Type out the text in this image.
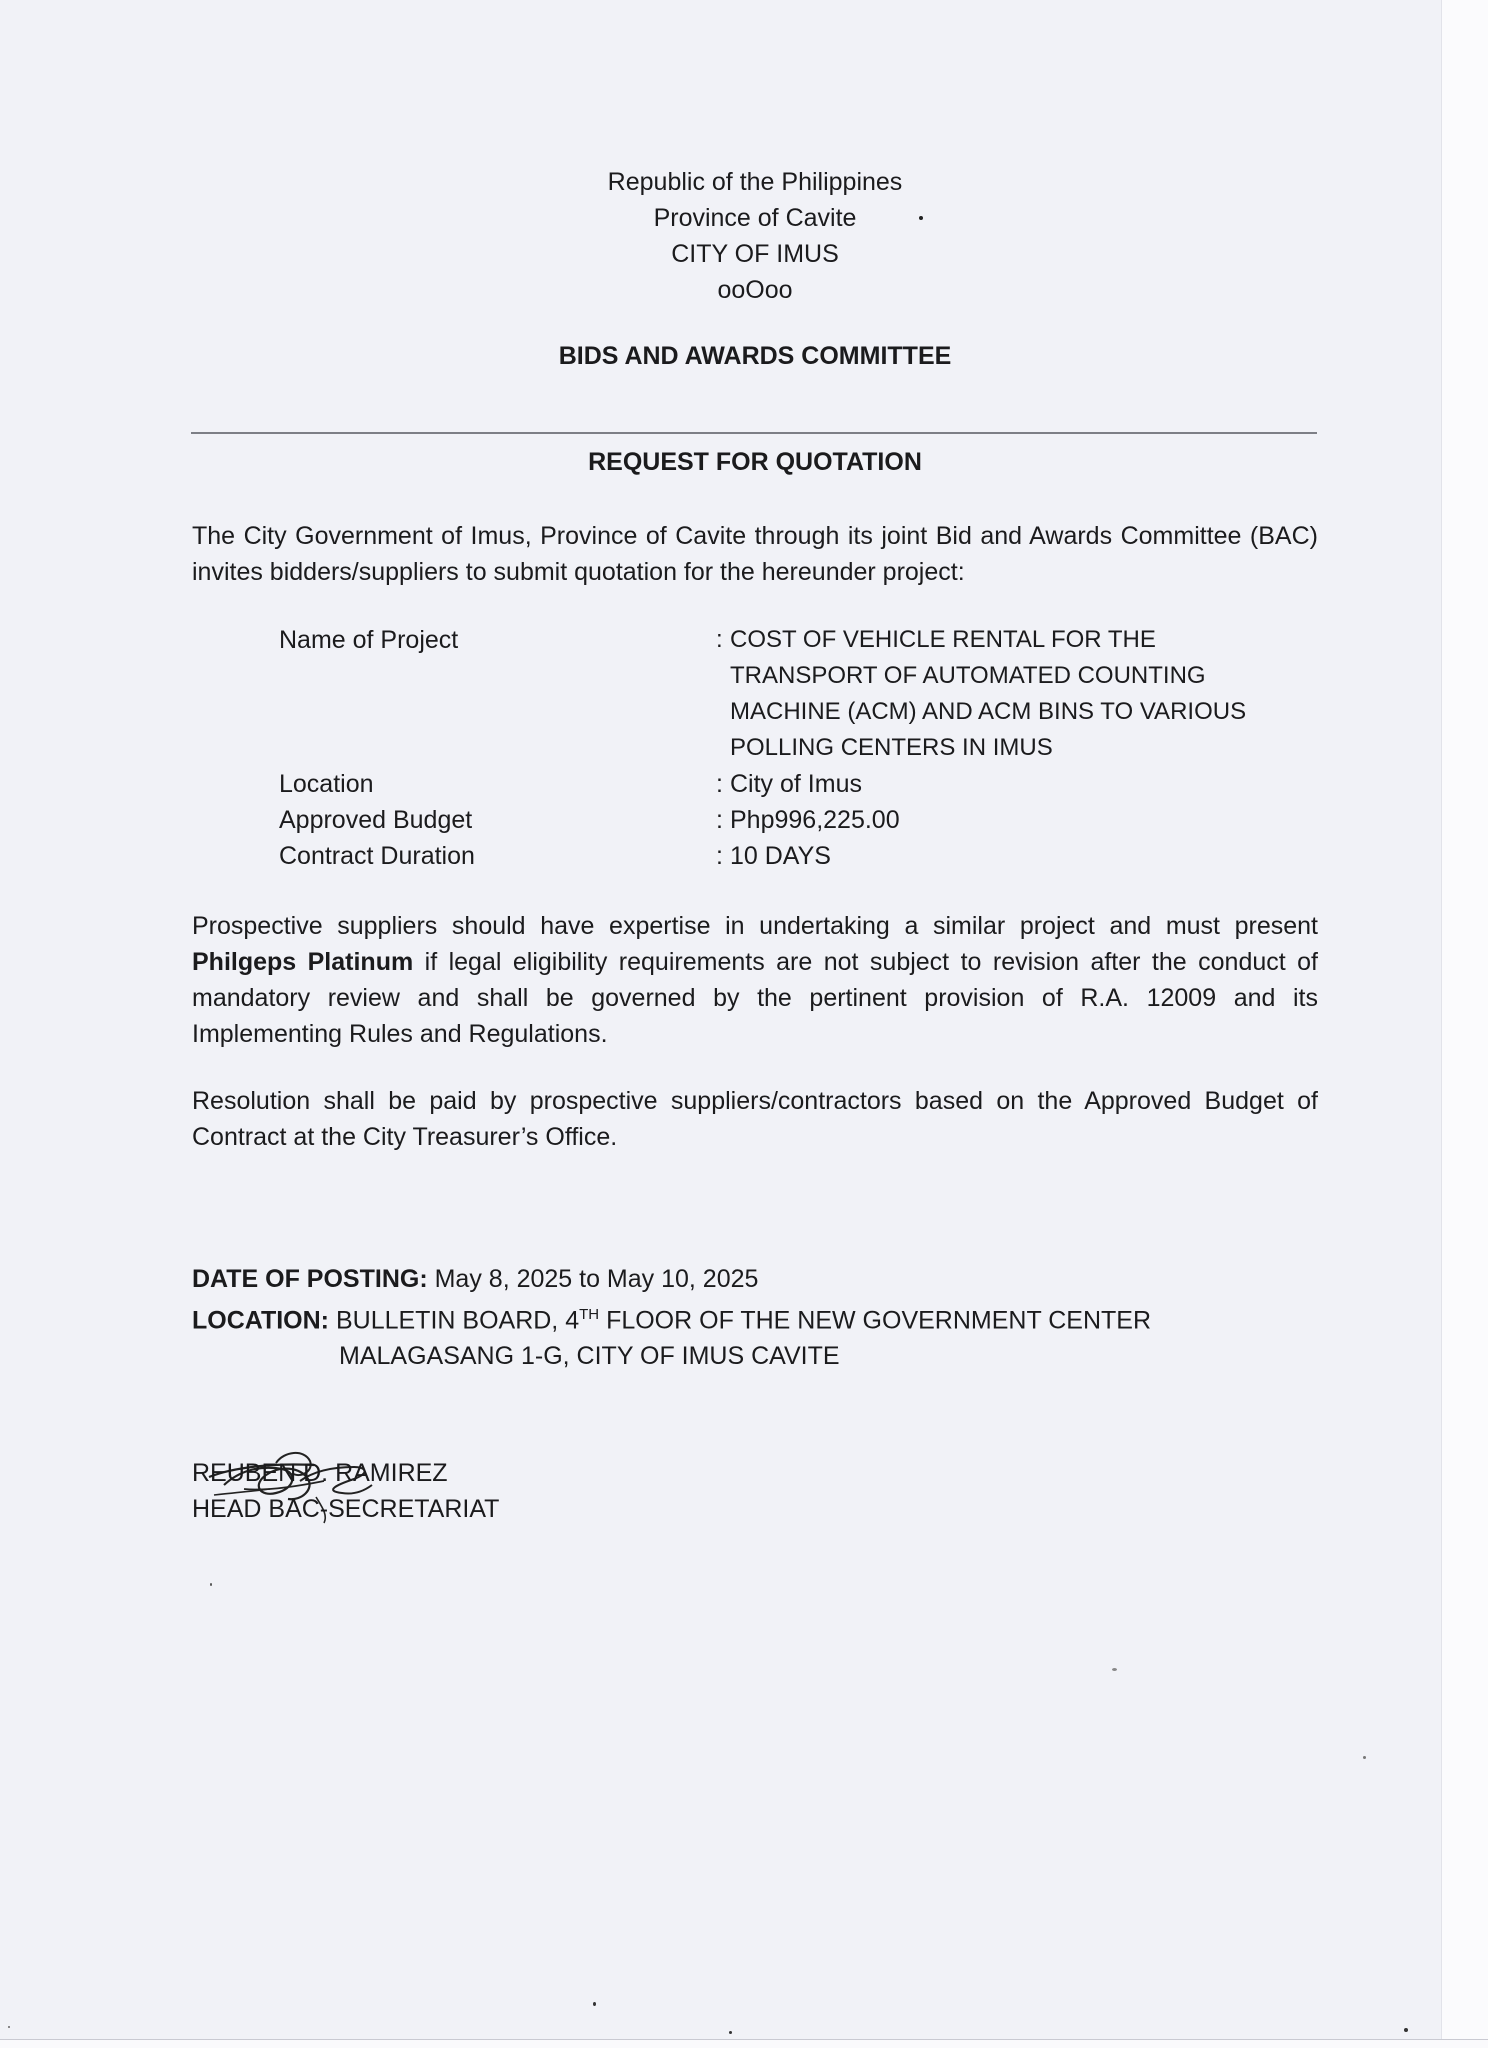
Republic of the Philippines
Province of Cavite
CITY OF IMUS
ooOoo
BIDS AND AWARDS COMMITTEE
REQUEST FOR QUOTATION
The City Government of Imus, Province of Cavite through its joint Bid and Awards Committee (BAC) invites bidders/suppliers to submit quotation for the hereunder project:
Name of Project	: COST OF VEHICLE RENTAL FOR THE TRANSPORT OF AUTOMATED COUNTING MACHINE (ACM) AND ACM BINS TO VARIOUS POLLING CENTERS IN IMUS
Location	: City of Imus
Approved Budget	: Php996,225.00
Contract Duration	: 10 DAYS
Prospective suppliers should have expertise in undertaking a similar project and must present Philgeps Platinum if legal eligibility requirements are not subject to revision after the conduct of mandatory review and shall be governed by the pertinent provision of R.A. 12009 and its Implementing Rules and Regulations.
Resolution shall be paid by prospective suppliers/contractors based on the Approved Budget of Contract at the City Treasurer’s Office.
DATE OF POSTING: May 8, 2025 to May 10, 2025
LOCATION: BULLETIN BOARD, 4TH FLOOR OF THE NEW GOVERNMENT CENTER
MALAGASANG 1-G, CITY OF IMUS CAVITE
REUBEN D. RAMIREZ
HEAD BAC-SECRETARIAT
